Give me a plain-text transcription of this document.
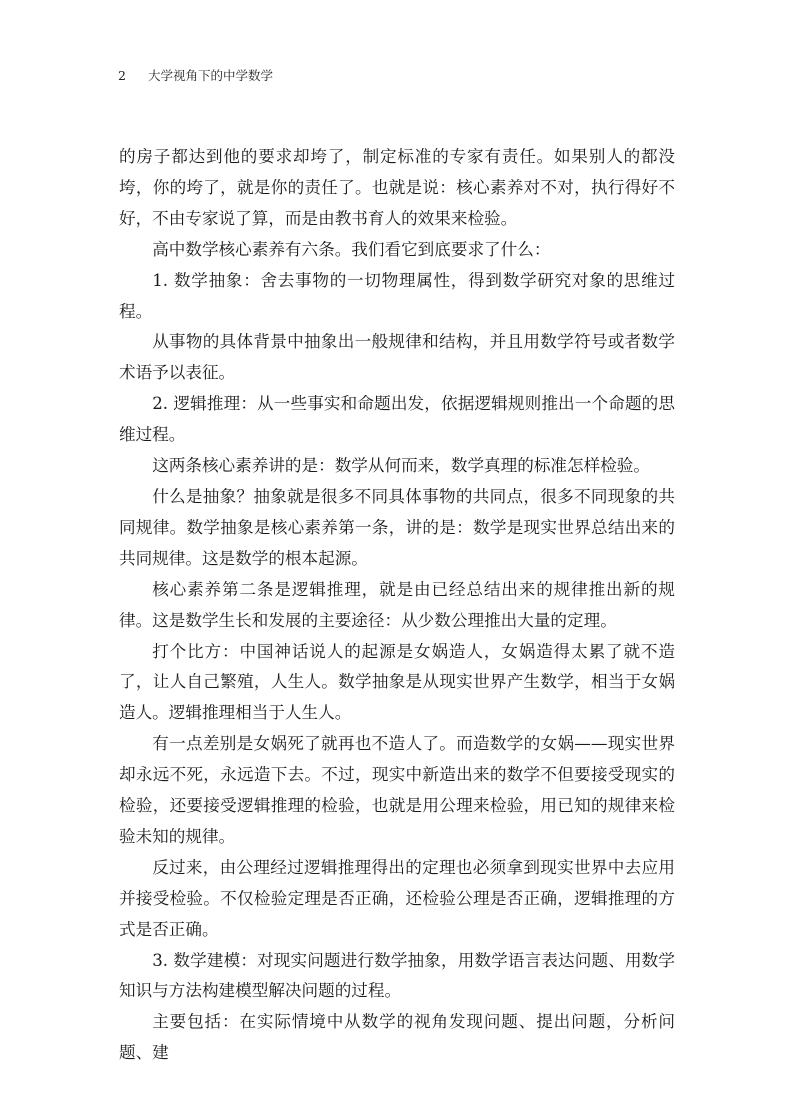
2 大学视角下的中学数学

的房子都达到他的要求却垮了，制定标准的专家有责任。如果别人的都没垮，你的垮了，就是你的责任了。也就是说：核心素养对不对，执行得好不好，不由专家说了算，而是由教书育人的效果来检验。

高中数学核心素养有六条。我们看它到底要求了什么：

1. 数学抽象：舍去事物的一切物理属性，得到数学研究对象的思维过程。

从事物的具体背景中抽象出一般规律和结构，并且用数学符号或者数学术语予以表征。

2. 逻辑推理：从一些事实和命题出发，依据逻辑规则推出一个命题的思维过程。

这两条核心素养讲的是：数学从何而来，数学真理的标准怎样检验。

什么是抽象？抽象就是很多不同具体事物的共同点，很多不同现象的共同规律。数学抽象是核心素养第一条，讲的是：数学是现实世界总结出来的共同规律。这是数学的根本起源。

核心素养第二条是逻辑推理，就是由已经总结出来的规律推出新的规律。这是数学生长和发展的主要途径：从少数公理推出大量的定理。

打个比方：中国神话说人的起源是女娲造人，女娲造得太累了就不造了，让人自己繁殖，人生人。数学抽象是从现实世界产生数学，相当于女娲造人。逻辑推理相当于人生人。

有一点差别是女娲死了就再也不造人了。而造数学的女娲——现实世界却永远不死，永远造下去。不过，现实中新造出来的数学不但要接受现实的检验，还要接受逻辑推理的检验，也就是用公理来检验，用已知的规律来检验未知的规律。

反过来，由公理经过逻辑推理得出的定理也必须拿到现实世界中去应用并接受检验。不仅检验定理是否正确，还检验公理是否正确，逻辑推理的方式是否正确。

3. 数学建模：对现实问题进行数学抽象，用数学语言表达问题、用数学知识与方法构建模型解决问题的过程。

主要包括：在实际情境中从数学的视角发现问题、提出问题，分析问题、建
